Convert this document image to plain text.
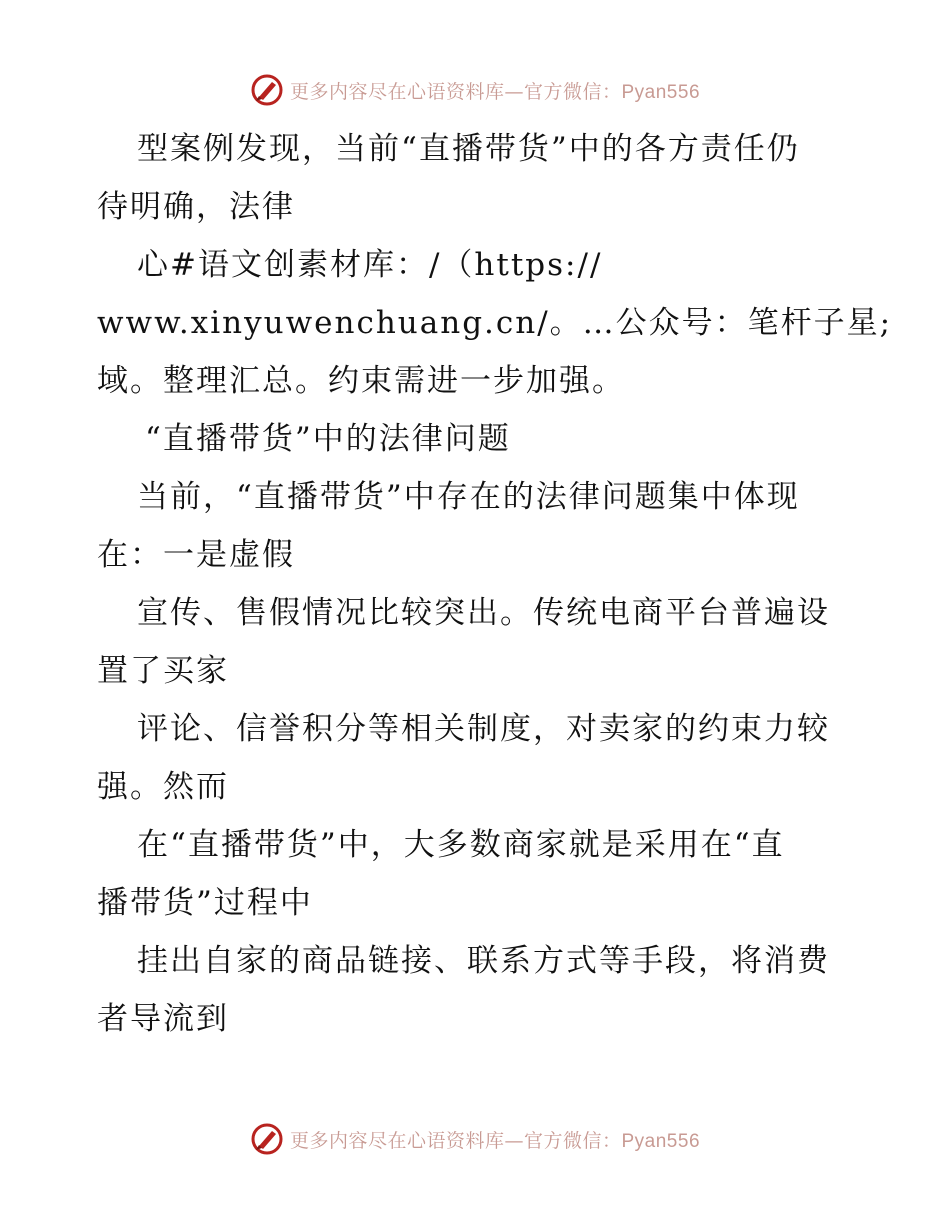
更多内容尽在心语资料库—官方微信：Pyan556
型案例发现，当前“直播带货”中的各方责任仍
待明确，法律
心#语文创素材库：/（https://
www.xinyuwenchuang.cn/。…公众号：笔杆子星;
域。整理汇总。约束需进一步加强。
“直播带货”中的法律问题
当前，“直播带货”中存在的法律问题集中体现
在：一是虚假
宣传、售假情况比较突出。传统电商平台普遍设
置了买家
评论、信誉积分等相关制度，对卖家的约束力较
强。然而
在“直播带货”中，大多数商家就是采用在“直
播带货”过程中
挂出自家的商品链接、联系方式等手段，将消费
者导流到
更多内容尽在心语资料库—官方微信：Pyan556
